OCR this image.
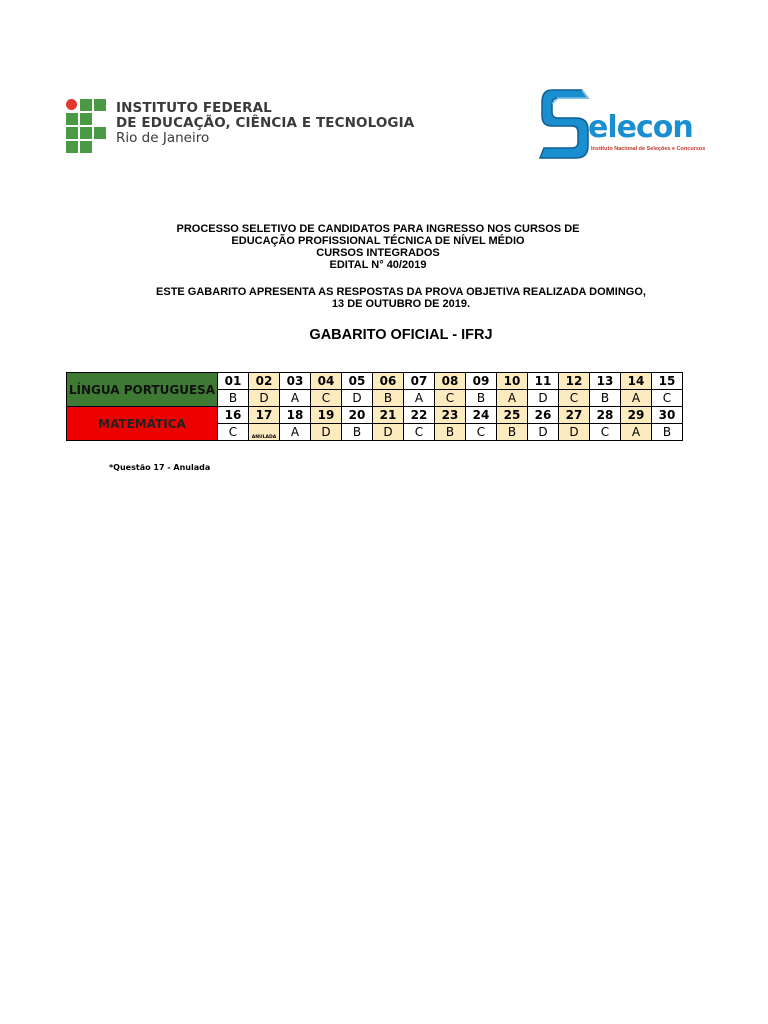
INSTITUTO FEDERAL
DE EDUCAÇÃO, CIÊNCIA E TECNOLOGIA
Rio de Janeiro	elecon
Instituto Nacional de Seleções e Concursos
PROCESSO SELETIVO DE CANDIDATOS PARA INGRESSO NOS CURSOS DE
EDUCAÇÃO PROFISSIONAL TÉCNICA DE NÍVEL MÉDIO
CURSOS INTEGRADOS
EDITAL N° 40/2019
ESTE GABARITO APRESENTA AS RESPOSTAS DA PROVA OBJETIVA REALIZADA DOMINGO,
13 DE OUTUBRO DE 2019.
GABARITO OFICIAL - IFRJ
LÍNGUA PORTUGUESA	01	02	03	04	05	06	07	08	09	10	11	12	13	14	15
	B	D	A	C	D	B	A	C	B	A	D	C	B	A	C
MATEMÁTICA	16	17	18	19	20	21	22	23	24	25	26	27	28	29	30
	C	ANULADA	A	D	B	D	C	B	C	B	D	D	C	A	B
*Questão 17 - Anulada
